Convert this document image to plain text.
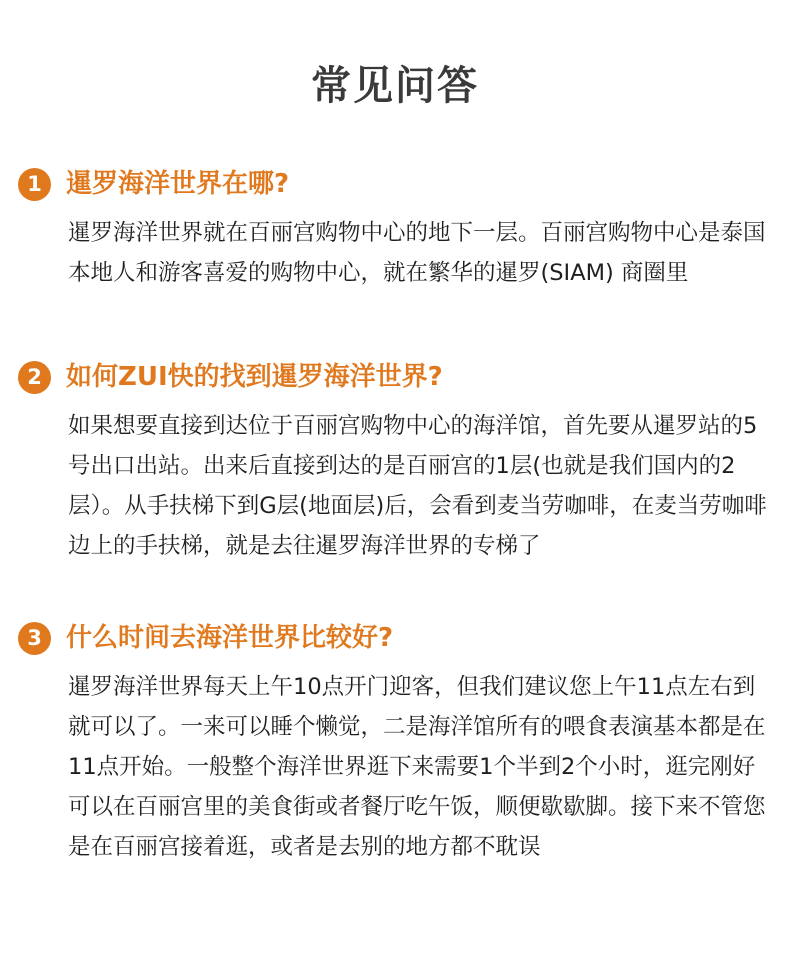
常见问答
1 暹罗海洋世界在哪?

暹罗海洋世界就在百丽宫购物中心的地下一层。百丽宫购物中心是泰国本地人和游客喜爱的购物中心，就在繁华的暹罗(SIAM) 商圈里

2 如何ZUI快的找到暹罗海洋世界?

如果想要直接到达位于百丽宫购物中心的海洋馆，首先要从暹罗站的5号出口出站。出来后直接到达的是百丽宫的1层(也就是我们国内的2层）。从手扶梯下到G层(地面层)后，会看到麦当劳咖啡，在麦当劳咖啡边上的手扶梯，就是去往暹罗海洋世界的专梯了

3 什么时间去海洋世界比较好?

暹罗海洋世界每天上午10点开门迎客，但我们建议您上午11点左右到就可以了。一来可以睡个懒觉，二是海洋馆所有的喂食表演基本都是在11点开始。一般整个海洋世界逛下来需要1个半到2个小时，逛完刚好可以在百丽宫里的美食街或者餐厅吃午饭，顺便歇歇脚。接下来不管您是在百丽宫接着逛，或者是去别的地方都不耽误
